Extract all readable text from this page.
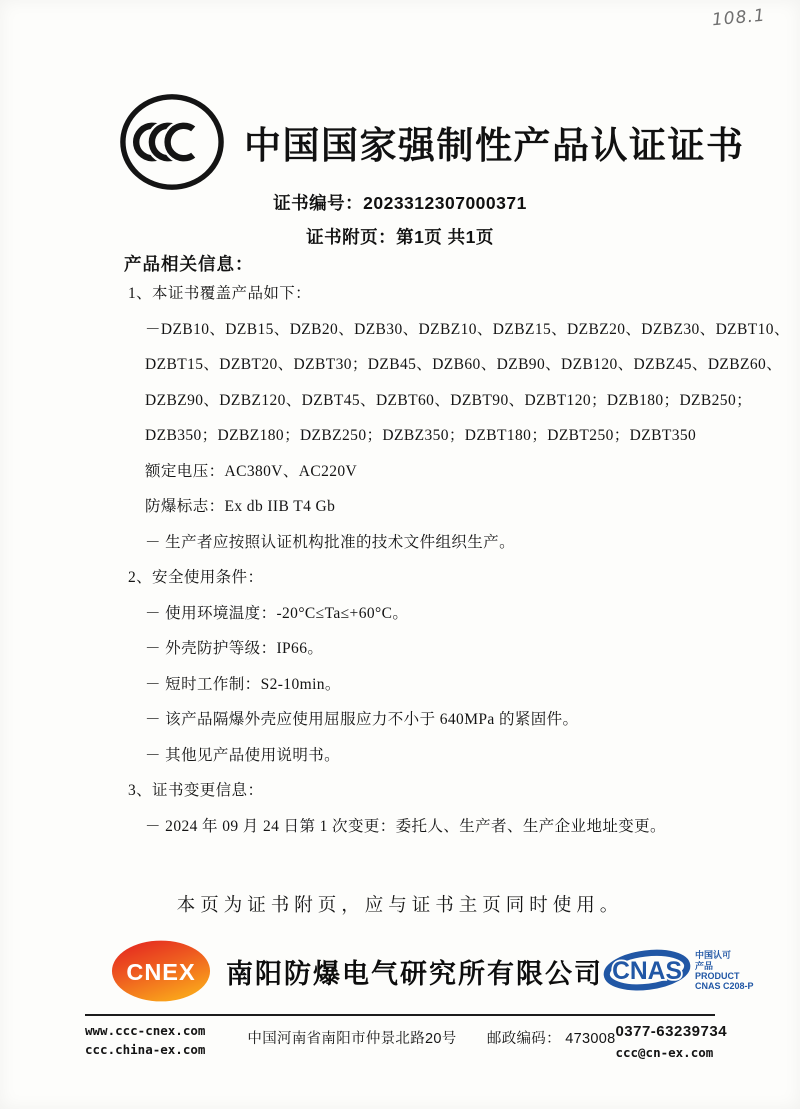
108.1
中国国家强制性产品认证证书
证书编号：2023312307000371
证书附页：第1页 共1页
产品相关信息：
1、本证书覆盖产品如下：
－DZB10、DZB15、DZB20、DZB30、DZBZ10、DZBZ15、DZBZ20、DZBZ30、DZBT10、
DZBT15、DZBT20、DZBT30；DZB45、DZB60、DZB90、DZB120、DZBZ45、DZBZ60、
DZBZ90、DZBZ120、DZBT45、DZBT60、DZBT90、DZBT120；DZB180；DZB250；
DZB350；DZBZ180；DZBZ250；DZBZ350；DZBT180；DZBT250；DZBT350
额定电压：AC380V、AC220V
防爆标志：Ex db IIB T4 Gb
－ 生产者应按照认证机构批准的技术文件组织生产。
2、安全使用条件：
－ 使用环境温度：-20°C≤Ta≤+60°C。
－ 外壳防护等级：IP66。
－ 短时工作制：S2-10min。
－ 该产品隔爆外壳应使用屈服应力不小于 640MPa 的紧固件。
－ 其他见产品使用说明书。
3、证书变更信息：
－ 2024 年 09 月 24 日第 1 次变更：委托人、生产者、生产企业地址变更。
本页为证书附页，应与证书主页同时使用。
CNEX 南阳防爆电气研究所有限公司 CNAS
中国认可
产品
PRODUCT
CNAS C208-P
www.ccc-cnex.com
ccc.china-ex.com
中国河南省南阳市仲景北路20号 邮政编码： 473008 0377-63239734
ccc@cn-ex.com
